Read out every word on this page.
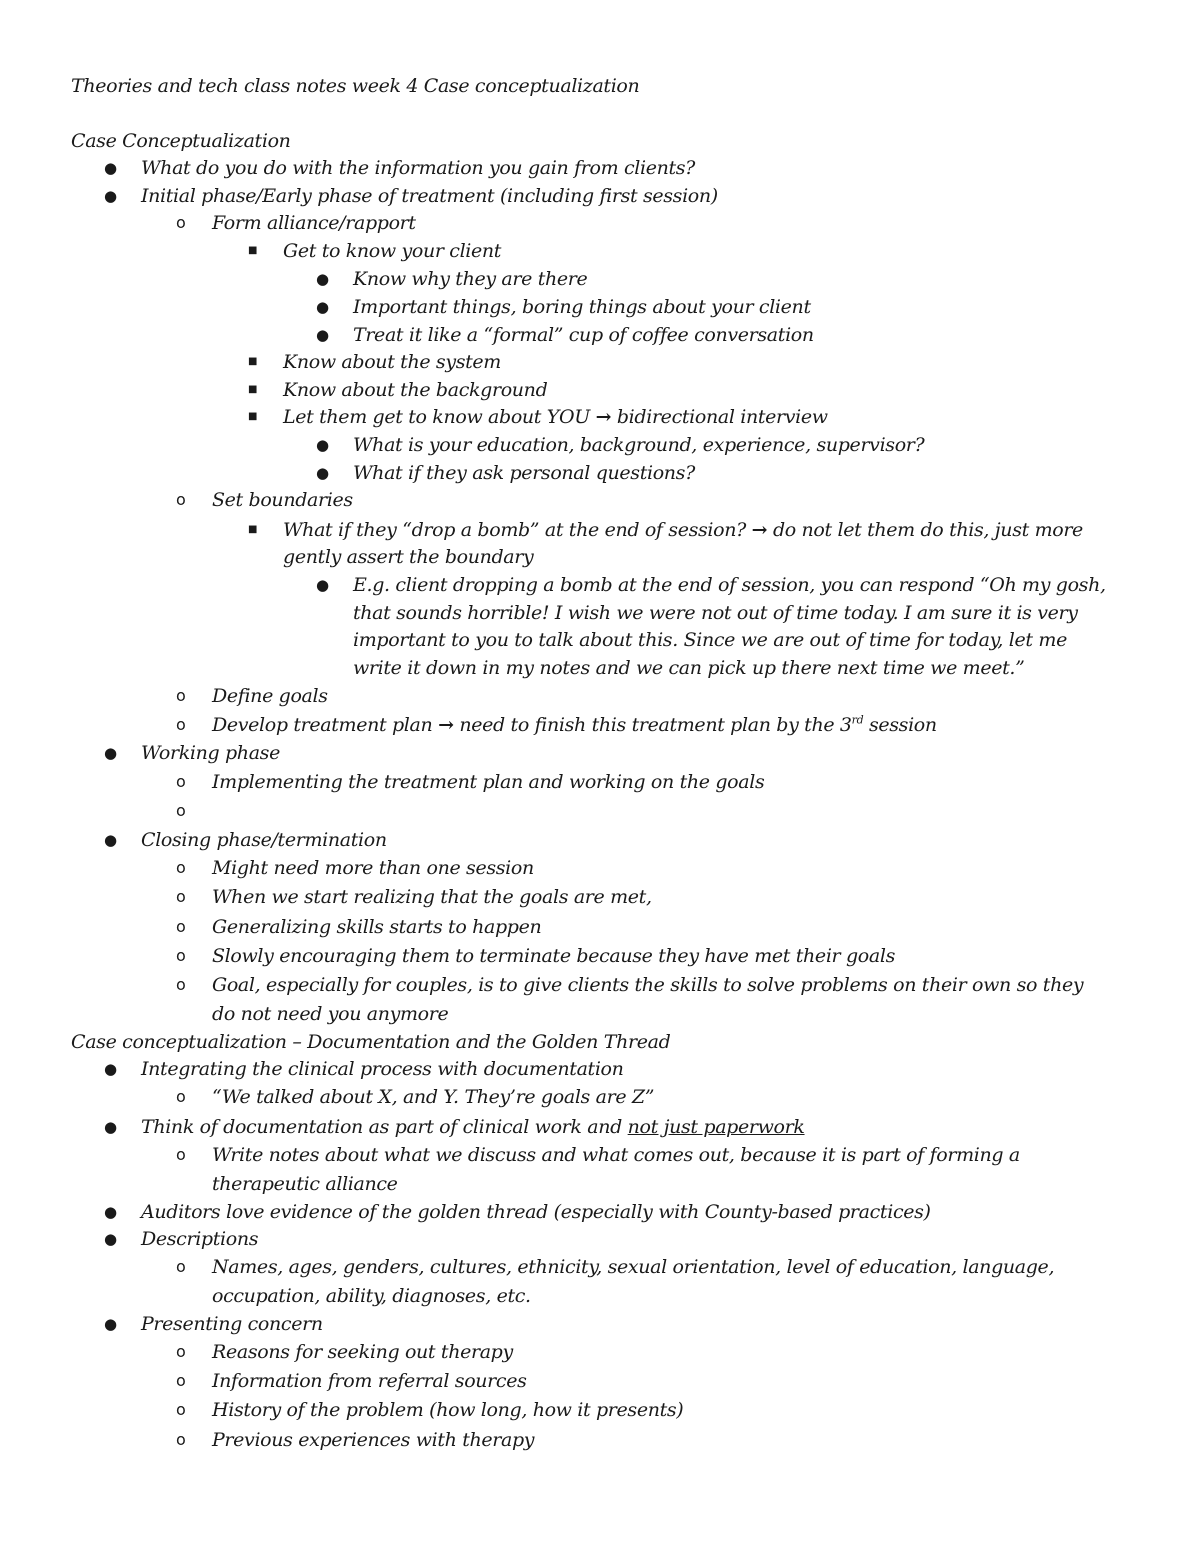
Theories and tech class notes week 4 Case conceptualization
Case Conceptualization
● What do you do with the information you gain from clients?
● Initial phase/Early phase of treatment (including first session)
o Form alliance/rapport
■ Get to know your client
● Know why they are there
● Important things, boring things about your client
● Treat it like a “formal” cup of coffee conversation
■ Know about the system
■ Know about the background
■ Let them get to know about YOU → bidirectional interview
● What is your education, background, experience, supervisor?
● What if they ask personal questions?
o Set boundaries
■ What if they “drop a bomb” at the end of session? → do not let them do this, just more
gently assert the boundary
● E.g. client dropping a bomb at the end of session, you can respond “Oh my gosh,
that sounds horrible! I wish we were not out of time today. I am sure it is very
important to you to talk about this. Since we are out of time for today, let me
write it down in my notes and we can pick up there next time we meet.”
o Define goals
o Develop treatment plan → need to finish this treatment plan by the 3rd session
● Working phase
o Implementing the treatment plan and working on the goals
o
● Closing phase/termination
o Might need more than one session
o When we start realizing that the goals are met,
o Generalizing skills starts to happen
o Slowly encouraging them to terminate because they have met their goals
o Goal, especially for couples, is to give clients the skills to solve problems on their own so they
do not need you anymore
Case conceptualization – Documentation and the Golden Thread
● Integrating the clinical process with documentation
o “We talked about X, and Y. They’re goals are Z”
● Think of documentation as part of clinical work and not just paperwork
o Write notes about what we discuss and what comes out, because it is part of forming a
therapeutic alliance
● Auditors love evidence of the golden thread (especially with County-based practices)
● Descriptions
o Names, ages, genders, cultures, ethnicity, sexual orientation, level of education, language,
occupation, ability, diagnoses, etc.
● Presenting concern
o Reasons for seeking out therapy
o Information from referral sources
o History of the problem (how long, how it presents)
o Previous experiences with therapy
